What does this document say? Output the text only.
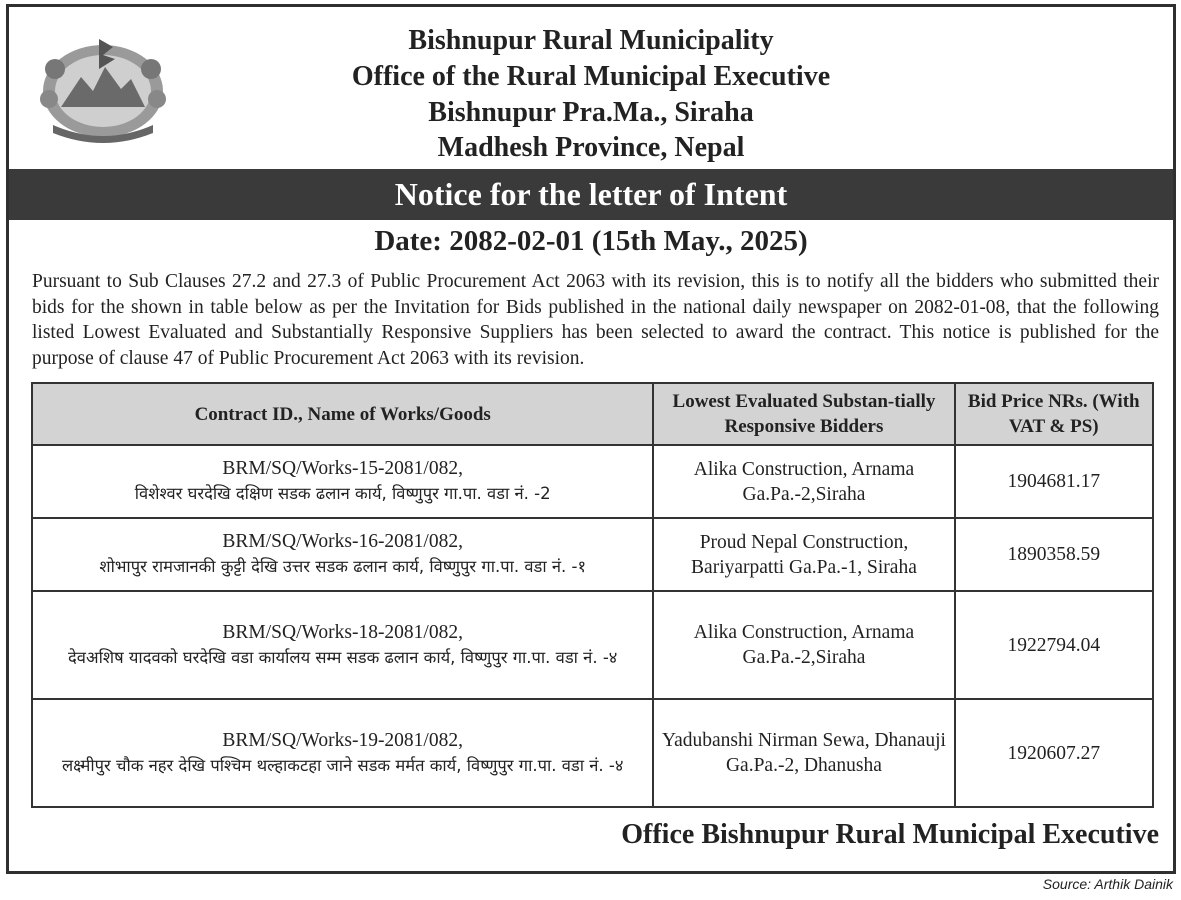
Bishnupur Rural Municipality
Office of the Rural Municipal Executive
Bishnupur Pra.Ma., Siraha
Madhesh Province, Nepal
Notice for the letter of Intent
Date: 2082-02-01 (15th May., 2025)
Pursuant to Sub Clauses 27.2 and 27.3 of Public Procurement Act 2063 with its revision, this is to notify all the bidders who submitted their bids for the shown in table below as per the Invitation for Bids published in the national daily newspaper on 2082-01-08, that the following listed Lowest Evaluated and Substantially Responsive Suppliers has been selected to award the contract. This notice is published for the purpose of clause 47 of Public Procurement Act 2063 with its revision.
Contract ID., Name of Works/Goods	Lowest Evaluated Substan-tially Responsive Bidders	Bid Price NRs. (With VAT & PS)

BRM/SQ/Works-15-2081/082,
विशेश्वर घरदेखि दक्षिण सडक ढलान कार्य, विष्णुपुर गा.पा. वडा नं. -2	Alika Construction, Arnama Ga.Pa.-2,Siraha	1904681.17

BRM/SQ/Works-16-2081/082,
शोभापुर रामजानकी कुट्टी देखि उत्तर सडक ढलान कार्य, विष्णुपुर गा.पा. वडा नं. -१	Proud Nepal Construction, Bariyarpatti Ga.Pa.-1, Siraha	1890358.59

BRM/SQ/Works-18-2081/082,
देवअशिष यादवको घरदेखि वडा कार्यालय सम्म सडक ढलान कार्य, विष्णुपुर गा.पा. वडा नं. -४	Alika Construction, Arnama Ga.Pa.-2,Siraha	1922794.04

BRM/SQ/Works-19-2081/082,
लक्ष्मीपुर चौक नहर देखि पश्चिम थल्हाकटहा जाने सडक मर्मत कार्य, विष्णुपुर गा.पा. वडा नं. -४	Yadubanshi Nirman Sewa, Dhanauji Ga.Pa.-2, Dhanusha	1920607.27
Office Bishnupur Rural Municipal Executive
Source: Arthik Dainik
